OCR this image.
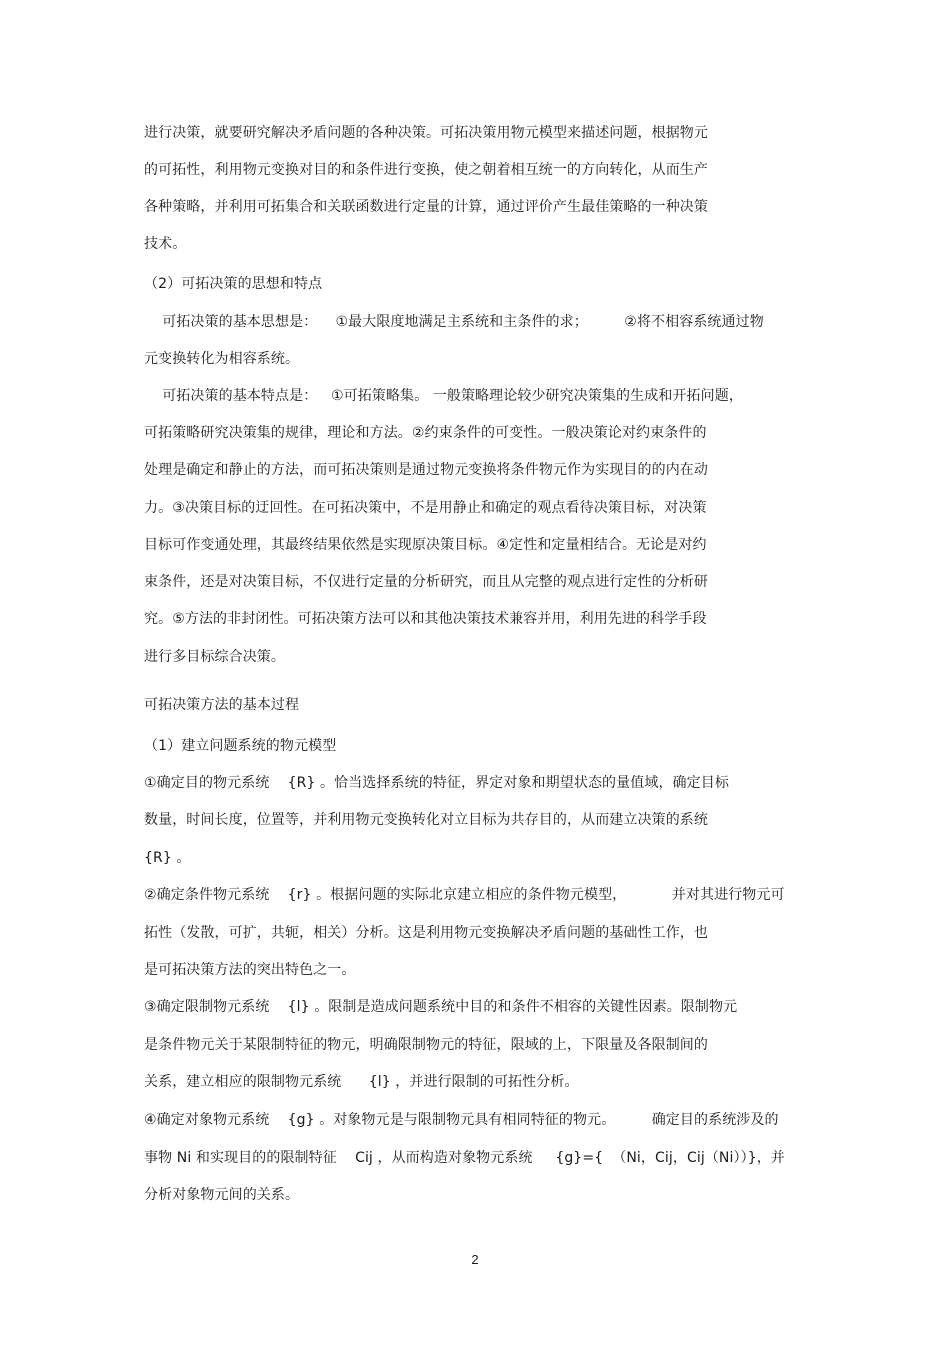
进行决策，就要研究解决矛盾问题的各种决策。可拓决策用物元模型来描述问题，根据物元
的可拓性，利用物元变换对目的和条件进行变换，使之朝着相互统一的方向转化，从而生产
各种策略，并利用可拓集合和关联函数进行定量的计算，通过评价产生最佳策略的一种决策
技术。
（2）可拓决策的思想和特点
可拓决策的基本思想是：    ①最大限度地满足主系统和主条件的求；        ②将不相容系统通过物
元变换转化为相容系统。
可拓决策的基本特点是：   ①可拓策略集。 一般策略理论较少研究决策集的生成和开拓问题，
可拓策略研究决策集的规律，理论和方法。②约束条件的可变性。一般决策论对约束条件的
处理是确定和静止的方法，而可拓决策则是通过物元变换将条件物元作为实现目的的内在动
力。③决策目标的迂回性。在可拓决策中，不是用静止和确定的观点看待决策目标，对决策
目标可作变通处理，其最终结果依然是实现原决策目标。④定性和定量相结合。无论是对约
束条件，还是对决策目标，不仅进行定量的分析研究，而且从完整的观点进行定性的分析研
究。⑤方法的非封闭性。可拓决策方法可以和其他决策技术兼容并用，利用先进的科学手段
进行多目标综合决策。
可拓决策方法的基本过程
（1）建立问题系统的物元模型
①确定目的物元系统    {R} 。恰当选择系统的特征，界定对象和期望状态的量值域，确定目标
数量，时间长度，位置等，并利用物元变换转化对立目标为共存目的，从而建立决策的系统
{R} 。
②确定条件物元系统    {r} 。根据问题的实际北京建立相应的条件物元模型，          并对其进行物元可
拓性（发散，可扩，共轭，相关）分析。这是利用物元变换解决矛盾问题的基础性工作，也
是可拓决策方法的突出特色之一。
③确定限制物元系统    {l} 。限制是造成问题系统中目的和条件不相容的关键性因素。限制物元
是条件物元关于某限制特征的物元，明确限制物元的特征，限域的上，下限量及各限制间的
关系，建立相应的限制物元系统      {l} ，并进行限制的可拓性分析。
④确定对象物元系统    {g} 。对象物元是与限制物元具有相同特征的物元。        确定目的系统涉及的
事物 Ni 和实现目的的限制特征    Cij ，从而构造对象物元系统     {g}={  （Ni，Cij，Cij（Ni））}，并
分析对象物元间的关系。
2
